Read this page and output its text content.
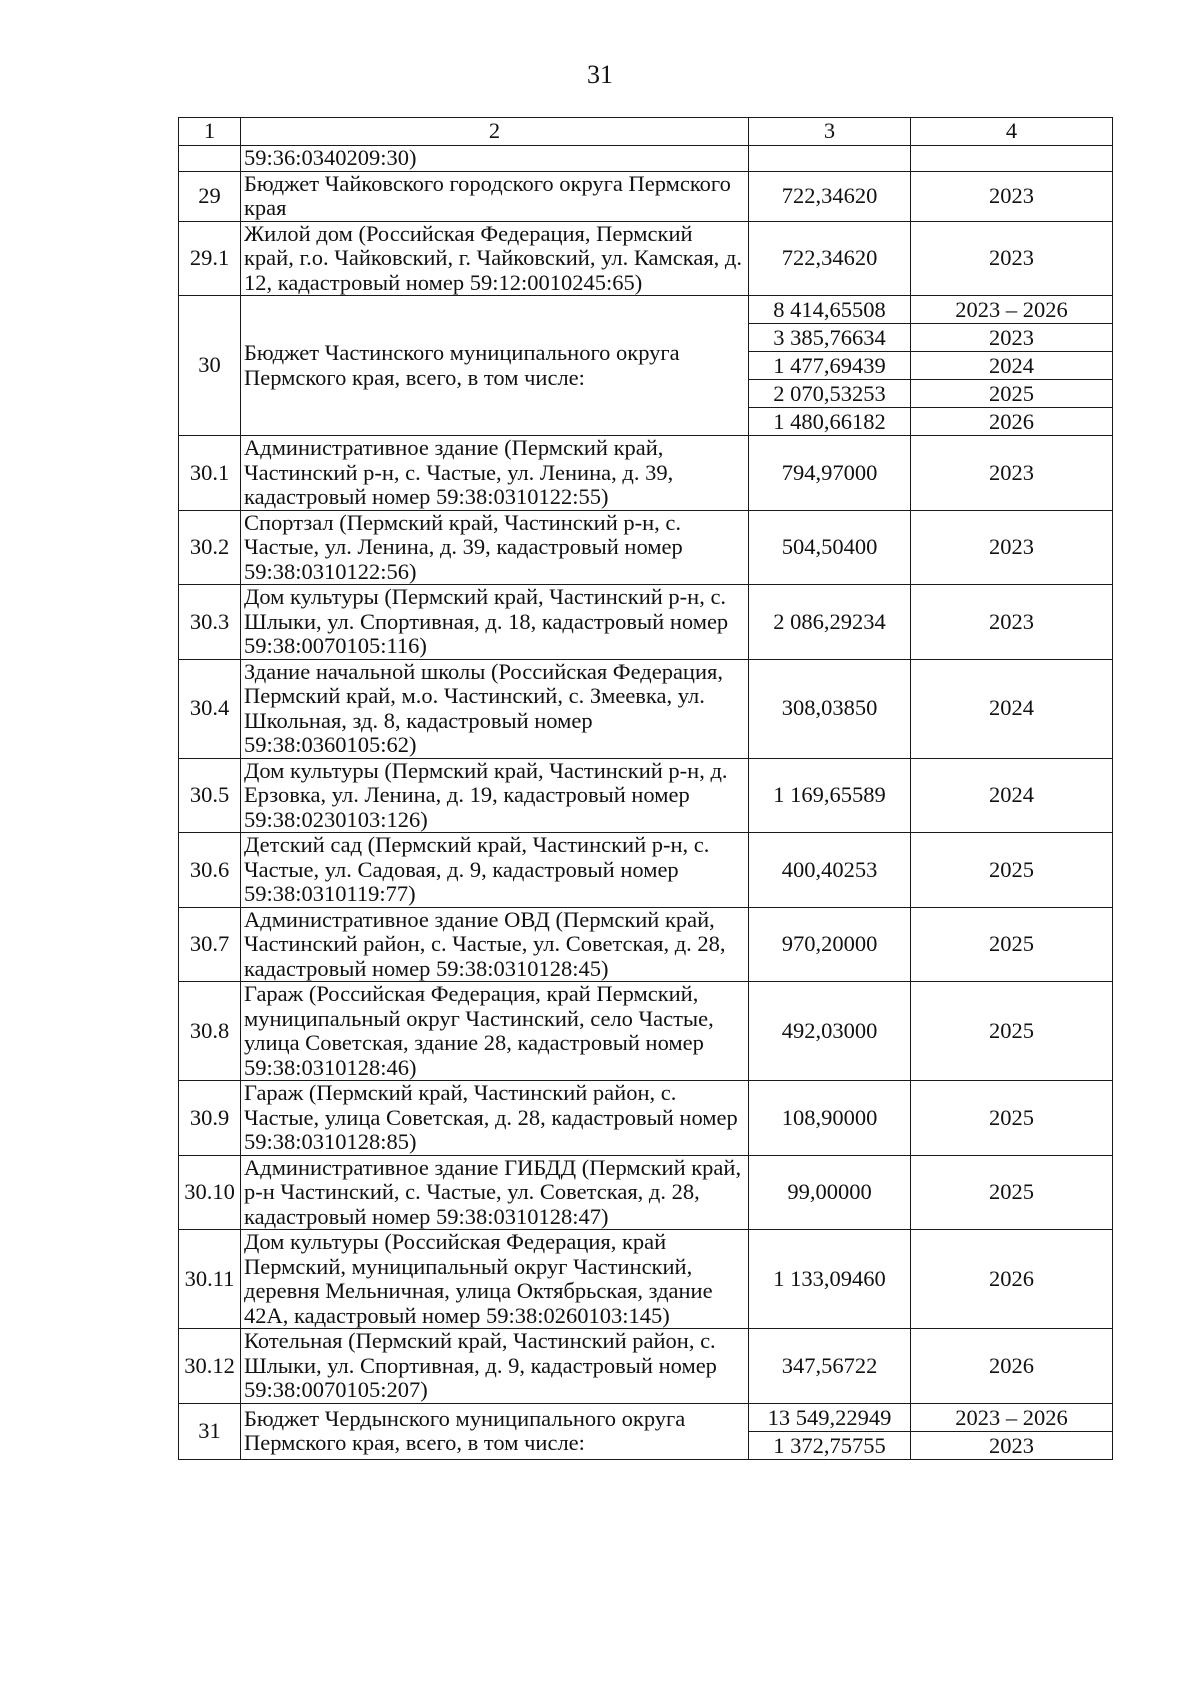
31
1	2	3	4
	59:36:0340209:30)		
29	Бюджет Чайковского городского округа Пермского края	722,34620	2023
29.1	Жилой дом (Российская Федерация, Пермский край, г.о. Чайковский, г. Чайковский, ул. Камская, д. 12, кадастровый номер 59:12:0010245:65)	722,34620	2023
30	Бюджет Частинского муниципального округа Пермского края, всего, в том числе:	8 414,65508	2023 – 2026
		3 385,76634	2023
		1 477,69439	2024
		2 070,53253	2025
		1 480,66182	2026
30.1	Административное здание (Пермский край, Частинский р-н, с. Частые, ул. Ленина, д. 39, кадастровый номер 59:38:0310122:55)	794,97000	2023
30.2	Спортзал (Пермский край, Частинский р-н, с. Частые, ул. Ленина, д. 39, кадастровый номер 59:38:0310122:56)	504,50400	2023
30.3	Дом культуры (Пермский край, Частинский р-н, с. Шлыки, ул. Спортивная, д. 18, кадастровый номер 59:38:0070105:116)	2 086,29234	2023
30.4	Здание начальной школы (Российская Федерация, Пермский край, м.о. Частинский, с. Змеевка, ул. Школьная, зд. 8, кадастровый номер 59:38:0360105:62)	308,03850	2024
30.5	Дом культуры (Пермский край, Частинский р-н, д. Ерзовка, ул. Ленина, д. 19, кадастровый номер 59:38:0230103:126)	1 169,65589	2024
30.6	Детский сад (Пермский край, Частинский р-н, с. Частые, ул. Садовая, д. 9, кадастровый номер 59:38:0310119:77)	400,40253	2025
30.7	Административное здание ОВД (Пермский край, Частинский район, с. Частые, ул. Советская, д. 28, кадастровый номер 59:38:0310128:45)	970,20000	2025
30.8	Гараж (Российская Федерация, край Пермский, муниципальный округ Частинский, село Частые, улица Советская, здание 28, кадастровый номер 59:38:0310128:46)	492,03000	2025
30.9	Гараж (Пермский край, Частинский район, с. Частые, улица Советская, д. 28, кадастровый номер 59:38:0310128:85)	108,90000	2025
30.10	Административное здание ГИБДД (Пермский край, р-н Частинский, с. Частые, ул. Советская, д. 28, кадастровый номер 59:38:0310128:47)	99,00000	2025
30.11	Дом культуры (Российская Федерация, край Пермский, муниципальный округ Частинский, деревня Мельничная, улица Октябрьская, здание 42А, кадастровый номер 59:38:0260103:145)	1 133,09460	2026
30.12	Котельная (Пермский край, Частинский район, с. Шлыки, ул. Спортивная, д. 9, кадастровый номер 59:38:0070105:207)	347,56722	2026
31	Бюджет Чердынского муниципального округа Пермского края, всего, в том числе:	13 549,22949	2023 – 2026
		1 372,75755	2023
